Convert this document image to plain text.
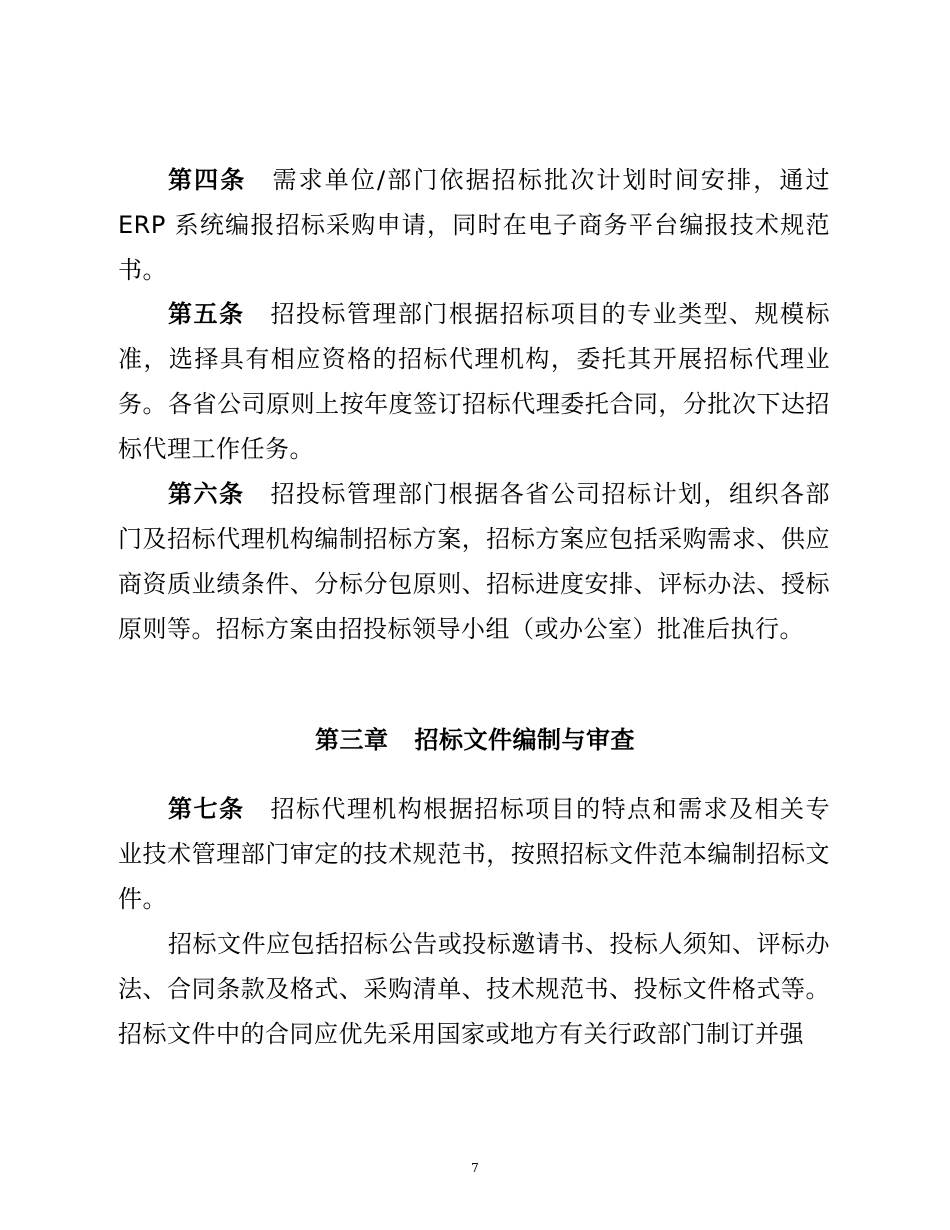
第四条 需求单位/部门依据招标批次计划时间安排，通过ERP 系统编报招标采购申请，同时在电子商务平台编报技术规范书。

第五条 招投标管理部门根据招标项目的专业类型、规模标准，选择具有相应资格的招标代理机构，委托其开展招标代理业务。 各省公司原则上按年度签订招标代理委托合同，分批次下达招标代理工作任务。

第六条 招投标管理部门根据各省公司招标计划，组织各部门及招标代理机构编制招标方案，招标方案应包括采购需求、供应商资质业绩条件、分标分包原则、招标进度安排、评标办法、授标原则等。招标方案由招投标领导小组（或办公室）批准后执行。

第三章 招标文件编制与审查

第七条 招标代理机构根据招标项目的特点和需求及相关专业技术管理部门审定的技术规范书，按照招标文件范本编制招标文件。

招标文件应包括招标公告或投标邀请书、投标人须知、评标办法、合同条款及格式、采购清单、技术规范书、投标文件格式等。招标文件中的合同应优先采用国家或地方有关行政部门制订并强

7
